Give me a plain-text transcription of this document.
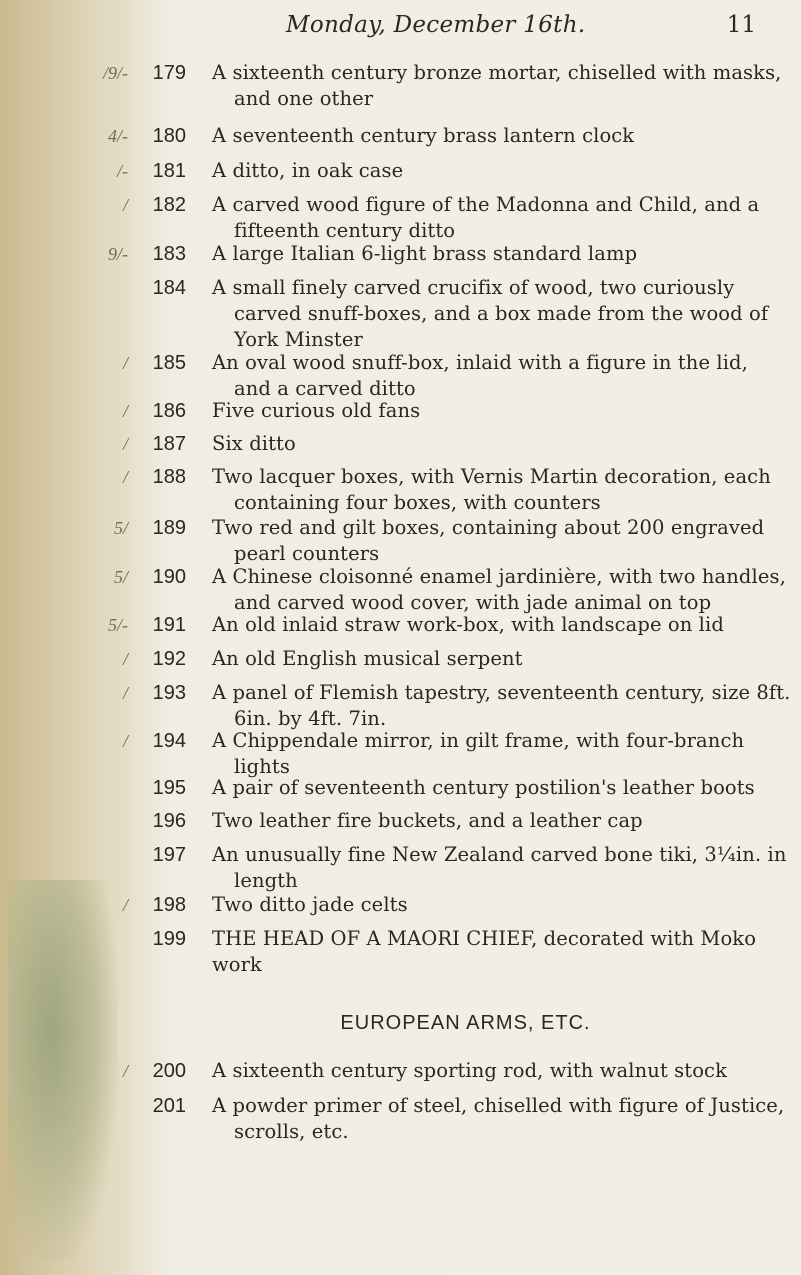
Monday, December 16th.	11
/9/-	179 A sixteenth century bronze mortar, chiselled with masks,
and one other
4/-	180 A seventeenth century brass lantern clock
/-	181 A ditto, in oak case
/	182 A carved wood figure of the Madonna and Child, and a
fifteenth century ditto
9/-	183 A large Italian 6-light brass standard lamp
184 A small finely carved crucifix of wood, two curiously
carved snuff-boxes, and a box made from the wood of
York Minster
/	185 An oval wood snuff-box, inlaid with a figure in the lid,
and a carved ditto
/	186 Five curious old fans
/	187 Six ditto
/	188 Two lacquer boxes, with Vernis Martin decoration, each
containing four boxes, with counters
5/	189 Two red and gilt boxes, containing about 200 engraved
pearl counters
5/	190 A Chinese cloisonné enamel jardinière, with two handles,
and carved wood cover, with jade animal on top
5/-	191 An old inlaid straw work-box, with landscape on lid
/	192 An old English musical serpent
/	193 A panel of Flemish tapestry, seventeenth century, size 8ft.
6in. by 4ft. 7in.
/	194 A Chippendale mirror, in gilt frame, with four-branch
lights
195 A pair of seventeenth century postilion's leather boots
196 Two leather fire buckets, and a leather cap
197 An unusually fine New Zealand carved bone tiki, 3¼in. in
length
/	198 Two ditto jade celts
199 THE HEAD OF A MAORI CHIEF, decorated with Moko work
EUROPEAN ARMS, ETC.
/	200 A sixteenth century sporting rod, with walnut stock
201 A powder primer of steel, chiselled with figure of Justice,
scrolls, etc.
